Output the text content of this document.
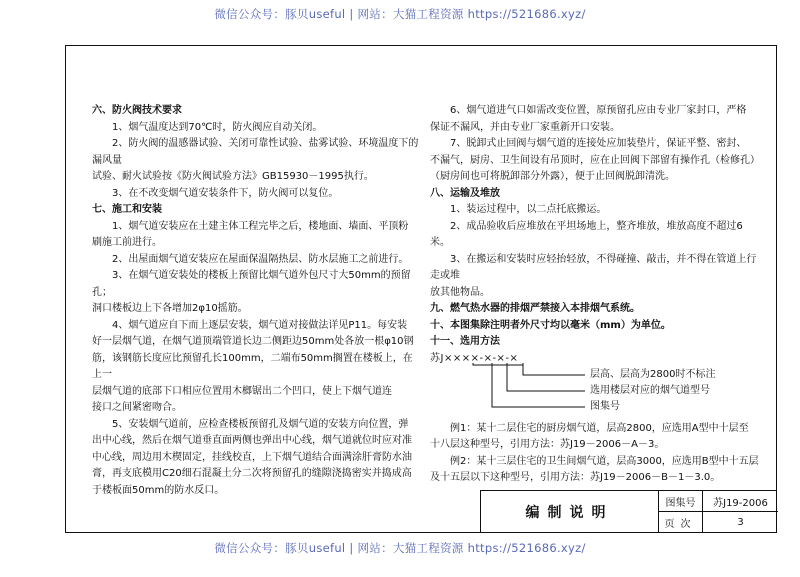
微信公众号：豚贝useful | 网站：大猫工程资源 https://521686.xyz/

六、防火阀技术要求

1、烟气温度达到70℃时，防火阀应自动关闭。

2、防火阀的温感器试验、关闭可靠性试验、盐雾试验、环境温度下的漏风量

试验、耐火试验按《防火阀试验方法》GB15930－1995执行。

3、在不改变烟气道安装条件下，防火阀可以复位。

七、施工和安装

1、烟气道安装应在土建主体工程完毕之后，楼地面、墙面、平顶粉

刷施工前进行。

2、出屋面烟气道安装应在屋面保温隔热层、防水层施工之前进行。

3、在烟气道安装处的楼板上预留比烟气道外包尺寸大50mm的预留孔；

洞口楼板边上下各增加2φ10摇筋。

4、烟气道应自下而上逐层安装，烟气道对接做法详见P11。每安装

好一层烟气道，在烟气道顶端管道长边二侧距边50mm处各放一根φ10钢

筋，该钢筋长度应比预留孔长100mm，二端布50mm搁置在楼板上，在上一

层烟气道的底部下口相应位置用木榔锯出二个凹口，使上下烟气道连

接口之间紧密吻合。

5、安装烟气道前，应检查楼板预留孔及烟气道的安装方向位置，弹

出中心线，然后在烟气道垂直面两侧也弹出中心线，烟气道就位时应对准

中心线，周边用木楔固定，挂线校直，上下烟气道结合面满涂肝膏防水油

膏，再支底模用C20细石混凝土分二次将预留孔的缝隙浇捣密实并捣成高

于楼板面50mm的防水反口。

6、烟气道进气口如需改变位置，原预留孔应由专业厂家封口，严格

保证不漏风，并由专业厂家重新开口安装。

7、脱卸式止回阀与烟气道的连接处应加装垫片，保证平整、密封、

不漏气，厨房、卫生间设有吊顶时，应在止回阀下部留有操作孔（检修孔）

（厨房间也可将脱卸部分外露），便于止回阀脱卸清洗。

八、运输及堆放

1、装运过程中，以二点托底搬运。

2、成品验收后应堆放在平坦场地上，整齐堆放，堆放高度不超过6米。

3、在搬运和安装时应轻抬轻放，不得碰撞、敲击，并不得在管道上行走或堆

放其他物品。

九、燃气热水器的排烟严禁接入本排烟气系统。

十、本图集除注明者外尺寸均以毫米（mm）为单位。

十一、选用方法

苏J××××-×-×-×
层高、层高为2800时不标注
选用楼层对应的烟气道型号
图集号

例1：某十二层住宅的厨房烟气道，层高2800，应选用A型中十层至

十八层这种型号，引用方法：苏J19－2006－A－3。

例2：某十三层住宅的卫生间烟气道，层高3000，应选用B型中十五层

及十五层以下这种型号，引用方法：苏J19－2006－B－1－3.0。

编制说明
图集号	苏J19-2006
页次	3
微信公众号：豚贝useful | 网站：大猫工程资源 https://521686.xyz/
